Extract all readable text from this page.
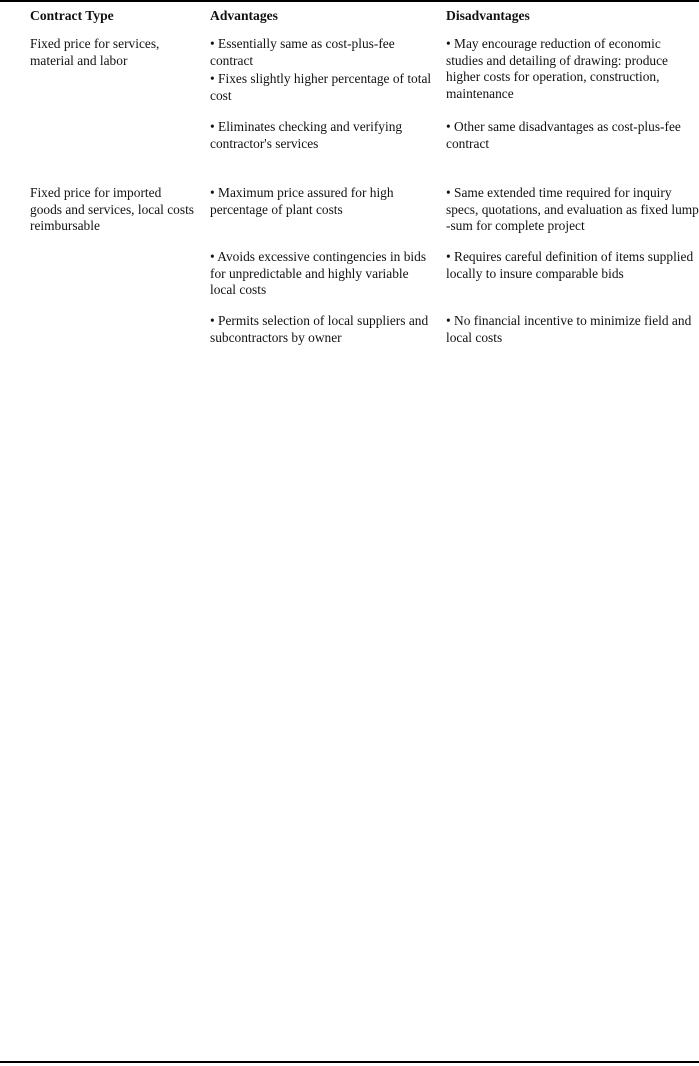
Contract Type	Advantages	Disadvantages
Fixed price for services, material and labor
• Essentially same as cost-plus-fee contract
• Fixes slightly higher percentage of total cost
• Eliminates checking and verifying contractor's services
• May encourage reduction of economic studies and detailing of drawing: produce higher costs for operation, construction, maintenance
• Other same disadvantages as cost-plus-fee contract
Fixed price for imported goods and services, local costs reimbursable
• Maximum price assured for high percentage of plant costs
• Avoids excessive contingencies in bids for unpredictable and highly variable local costs
• Permits selection of local suppliers and subcontractors by owner
• Same extended time required for inquiry specs, quotations, and evaluation as fixed lump -sum for complete project
• Requires careful definition of items supplied locally to insure comparable bids
• No financial incentive to minimize field and local costs
